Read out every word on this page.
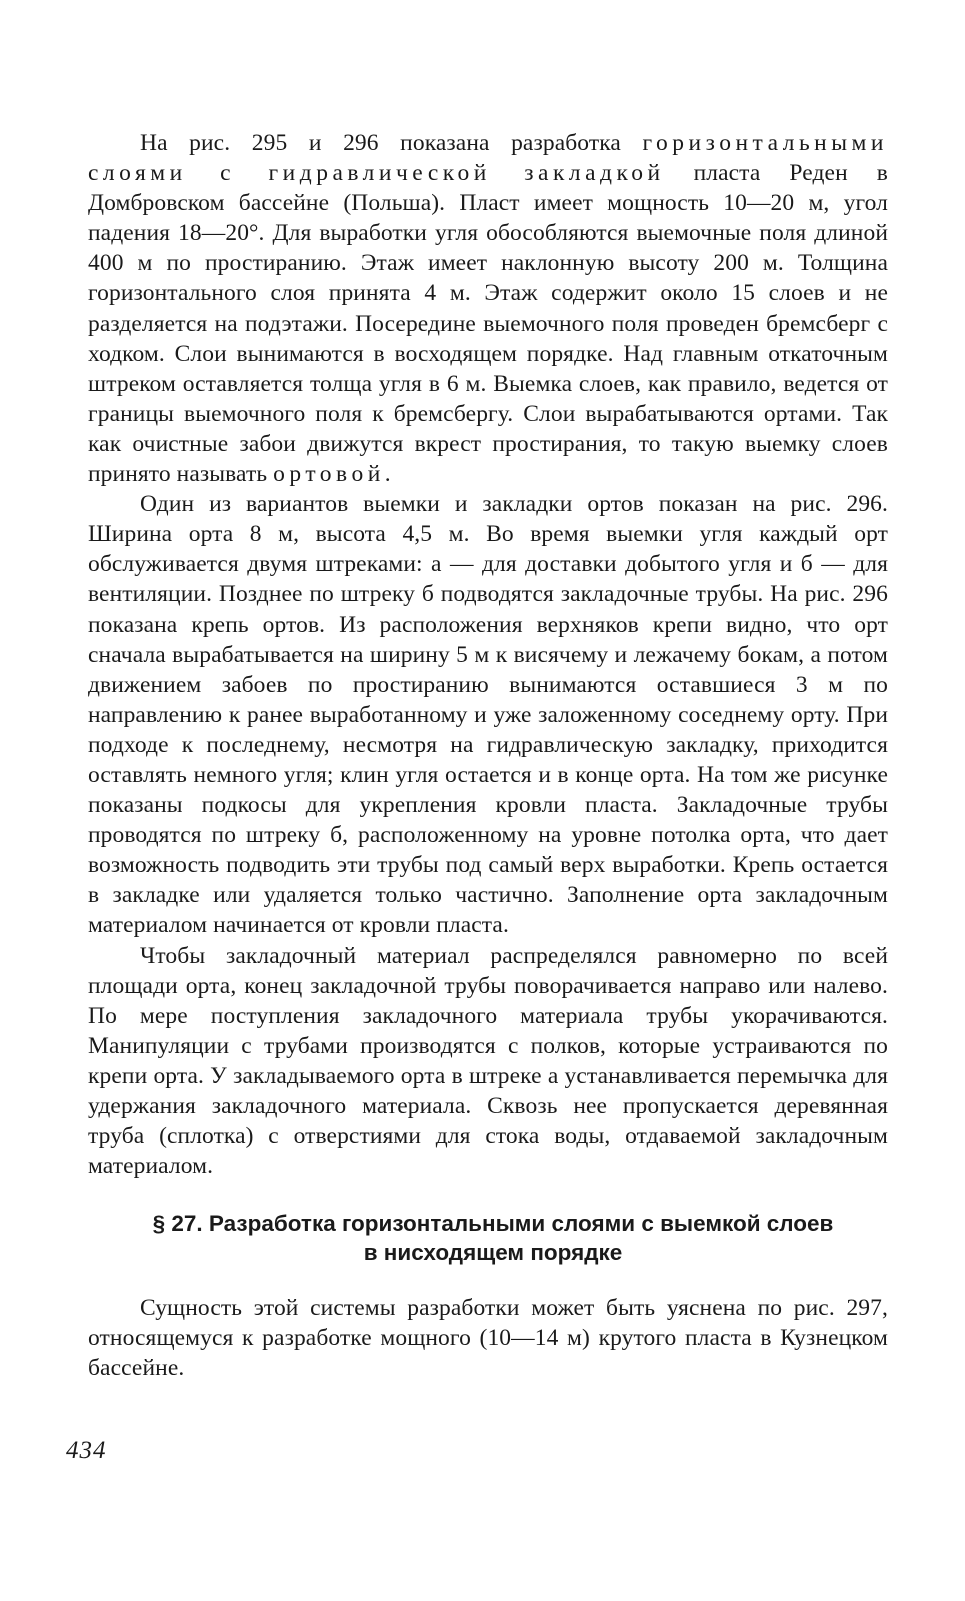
На рис. 295 и 296 показана разработка горизонтальными слоями с гидравлической закладкой пласта Реден в Домбровском бассейне (Польша). Пласт имеет мощность 10—20 м, угол падения 18—20°. Для выработки угля обособляются выемочные поля длиной 400 м по простиранию. Этаж имеет наклонную высоту 200 м. Толщина горизонтального слоя принята 4 м. Этаж содержит около 15 слоев и не разделяется на подэтажи. Посередине выемочного поля проведен бремсберг с ходком. Слои вынимаются в восходящем порядке. Над главным откаточным штреком оставляется толща угля в 6 м. Выемка слоев, как правило, ведется от границы выемочного поля к бремсбергу. Слои вырабатываются ортами. Так как очистные забои движутся вкрест простирания, то такую выемку слоев принято называть ортовой.

Один из вариантов выемки и закладки ортов показан на рис. 296. Ширина орта 8 м, высота 4,5 м. Во время выемки угля каждый орт обслуживается двумя штреками: а — для доставки добытого угля и б — для вентиляции. Позднее по штреку б подводятся закладочные трубы. На рис. 296 показана крепь ортов. Из расположения верхняков крепи видно, что орт сначала вырабатывается на ширину 5 м к висячему и лежачему бокам, а потом движением забоев по простиранию вынимаются оставшиеся 3 м по направлению к ранее выработанному и уже заложенному соседнему орту. При подходе к последнему, несмотря на гидравлическую закладку, приходится оставлять немного угля; клин угля остается и в конце орта. На том же рисунке показаны подкосы для укрепления кровли пласта. Закладочные трубы проводятся по штреку б, расположенному на уровне потолка орта, что дает возможность подводить эти трубы под самый верх выработки. Крепь остается в закладке или удаляется только частично. Заполнение орта закладочным материалом начинается от кровли пласта.

Чтобы закладочный материал распределялся равномерно по всей площади орта, конец закладочной трубы поворачивается направо или налево. По мере поступления закладочного материала трубы укорачиваются. Манипуляции с трубами производятся с полков, которые устраиваются по крепи орта. У закладываемого орта в штреке а устанавливается перемычка для удержания закладочного материала. Сквозь нее пропускается деревянная труба (сплотка) с отверстиями для стока воды, отдаваемой закладочным материалом.

§ 27. Разработка горизонтальными слоями с выемкой слоев
в нисходящем порядке

Сущность этой системы разработки может быть уяснена по рис. 297, относящемуся к разработке мощного (10—14 м) крутого пласта в Кузнецком бассейне.

434
